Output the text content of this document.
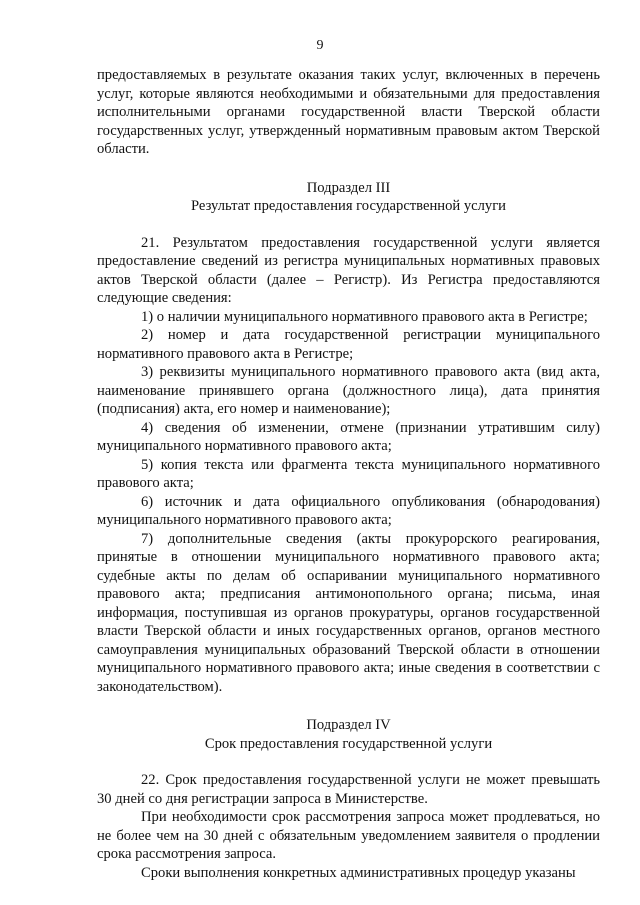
9

предоставляемых в результате оказания таких услуг, включенных в перечень услуг, которые являются необходимыми и обязательными для предоставления исполнительными органами государственной власти Тверской области государственных услуг, утвержденный нормативным правовым актом Тверской области.

Подраздел III

Результат предоставления государственной услуги

21. Результатом предоставления государственной услуги является предоставление сведений из регистра муниципальных нормативных правовых актов Тверской области (далее – Регистр). Из Регистра предоставляются следующие сведения:

1) о наличии муниципального нормативного правового акта в Регистре;

2) номер и дата государственной регистрации муниципального нормативного правового акта в Регистре;

3) реквизиты муниципального нормативного правового акта (вид акта, наименование принявшего органа (должностного лица), дата принятия (подписания) акта, его номер и наименование);

4) сведения об изменении, отмене (признании утратившим силу) муниципального нормативного правового акта;

5) копия текста или фрагмента текста муниципального нормативного правового акта;

6) источник и дата официального опубликования (обнародования) муниципального нормативного правового акта;

7) дополнительные сведения (акты прокурорского реагирования, принятые в отношении муниципального нормативного правового акта; судебные акты по делам об оспаривании муниципального нормативного правового акта; предписания антимонопольного органа; письма, иная информация, поступившая из органов прокуратуры, органов государственной власти Тверской области и иных государственных органов, органов местного самоуправления муниципальных образований Тверской области в отношении муниципального нормативного правового акта; иные сведения в соответствии с законодательством).

Подраздел IV

Срок предоставления государственной услуги

22. Срок предоставления государственной услуги не может превышать 30 дней со дня регистрации запроса в Министерстве.

При необходимости срок рассмотрения запроса может продлеваться, но не более чем на 30 дней с обязательным уведомлением заявителя о продлении срока рассмотрения запроса.

Сроки выполнения конкретных административных процедур указаны
